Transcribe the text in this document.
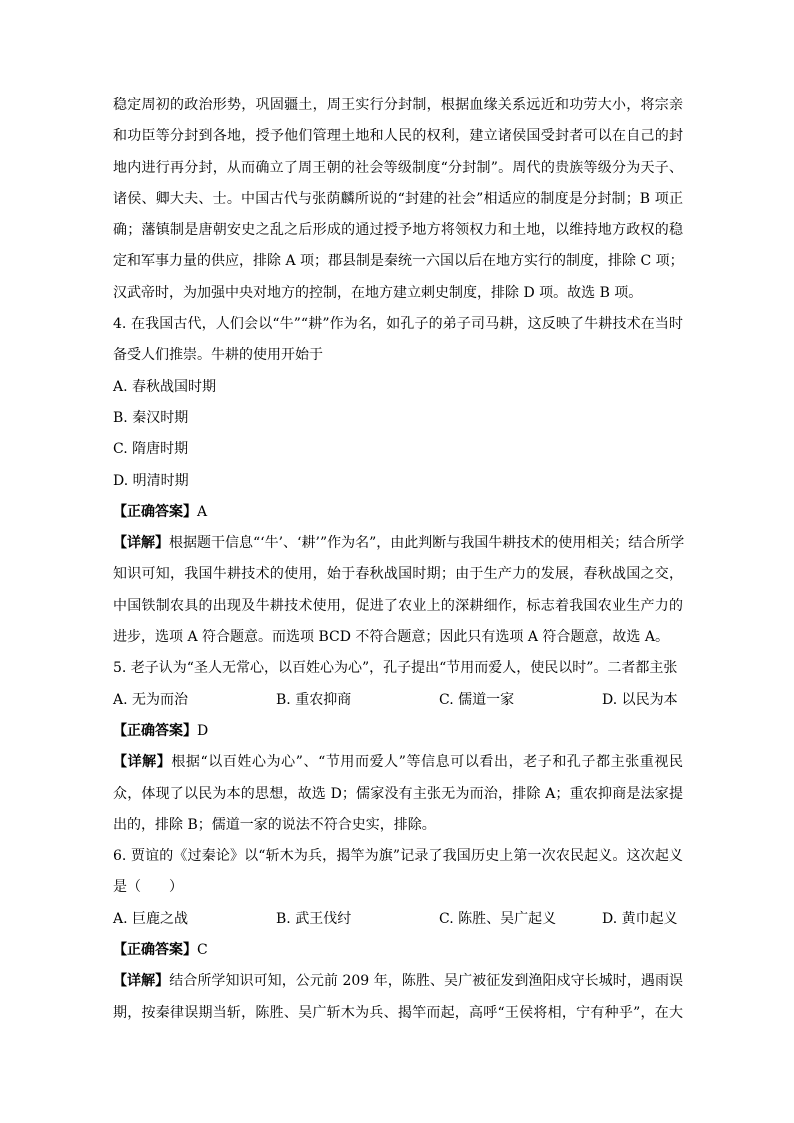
稳定周初的政治形势，巩固疆土，周王实行分封制，根据血缘关系远近和功劳大小，将宗亲
和功臣等分封到各地，授予他们管理土地和人民的权利，建立诸侯国受封者可以在自己的封
地内进行再分封，从而确立了周王朝的社会等级制度“分封制”。周代的贵族等级分为天子、
诸侯、卿大夫、士。中国古代与张荫麟所说的“封建的社会”相适应的制度是分封制；B 项正
确；藩镇制是唐朝安史之乱之后形成的通过授予地方将领权力和土地，以维持地方政权的稳
定和军事力量的供应，排除 A 项；郡县制是秦统一六国以后在地方实行的制度，排除 C 项；
汉武帝时，为加强中央对地方的控制，在地方建立刺史制度，排除 D 项。故选 B 项。
4. 在我国古代，人们会以“牛”“耕”作为名，如孔子的弟子司马耕，这反映了牛耕技术在当时
备受人们推崇。牛耕的使用开始于
A. 春秋战国时期
B. 秦汉时期
C. 隋唐时期
D. 明清时期
【正确答案】A
【详解】根据题干信息“‘牛’、‘耕’”作为名”，由此判断与我国牛耕技术的使用相关；结合所学
知识可知，我国牛耕技术的使用，始于春秋战国时期；由于生产力的发展，春秋战国之交，
中国铁制农具的出现及牛耕技术使用，促进了农业上的深耕细作，标志着我国农业生产力的
进步，选项 A 符合题意。而选项 BCD 不符合题意；因此只有选项 A 符合题意，故选 A。
5. 老子认为“圣人无常心，以百姓心为心”，孔子提出“节用而爱人，使民以时”。二者都主张
A. 无为而治	B. 重农抑商	C. 儒道一家	D. 以民为本
【正确答案】D
【详解】根据“以百姓心为心”、“节用而爱人”等信息可以看出，老子和孔子都主张重视民
众，体现了以民为本的思想，故选 D；儒家没有主张无为而治，排除 A；重农抑商是法家提
出的，排除 B；儒道一家的说法不符合史实，排除。
6. 贾谊的《过秦论》以“斩木为兵，揭竿为旗”记录了我国历史上第一次农民起义。这次起义
是（　　）
A. 巨鹿之战	B. 武王伐纣	C. 陈胜、吴广起义	D. 黄巾起义
【正确答案】C
【详解】结合所学知识可知，公元前 209 年，陈胜、吴广被征发到渔阳戍守长城时，遇雨误
期，按秦律误期当斩，陈胜、吴广斩木为兵、揭竿而起，高呼“王侯将相，宁有种乎”，在大
